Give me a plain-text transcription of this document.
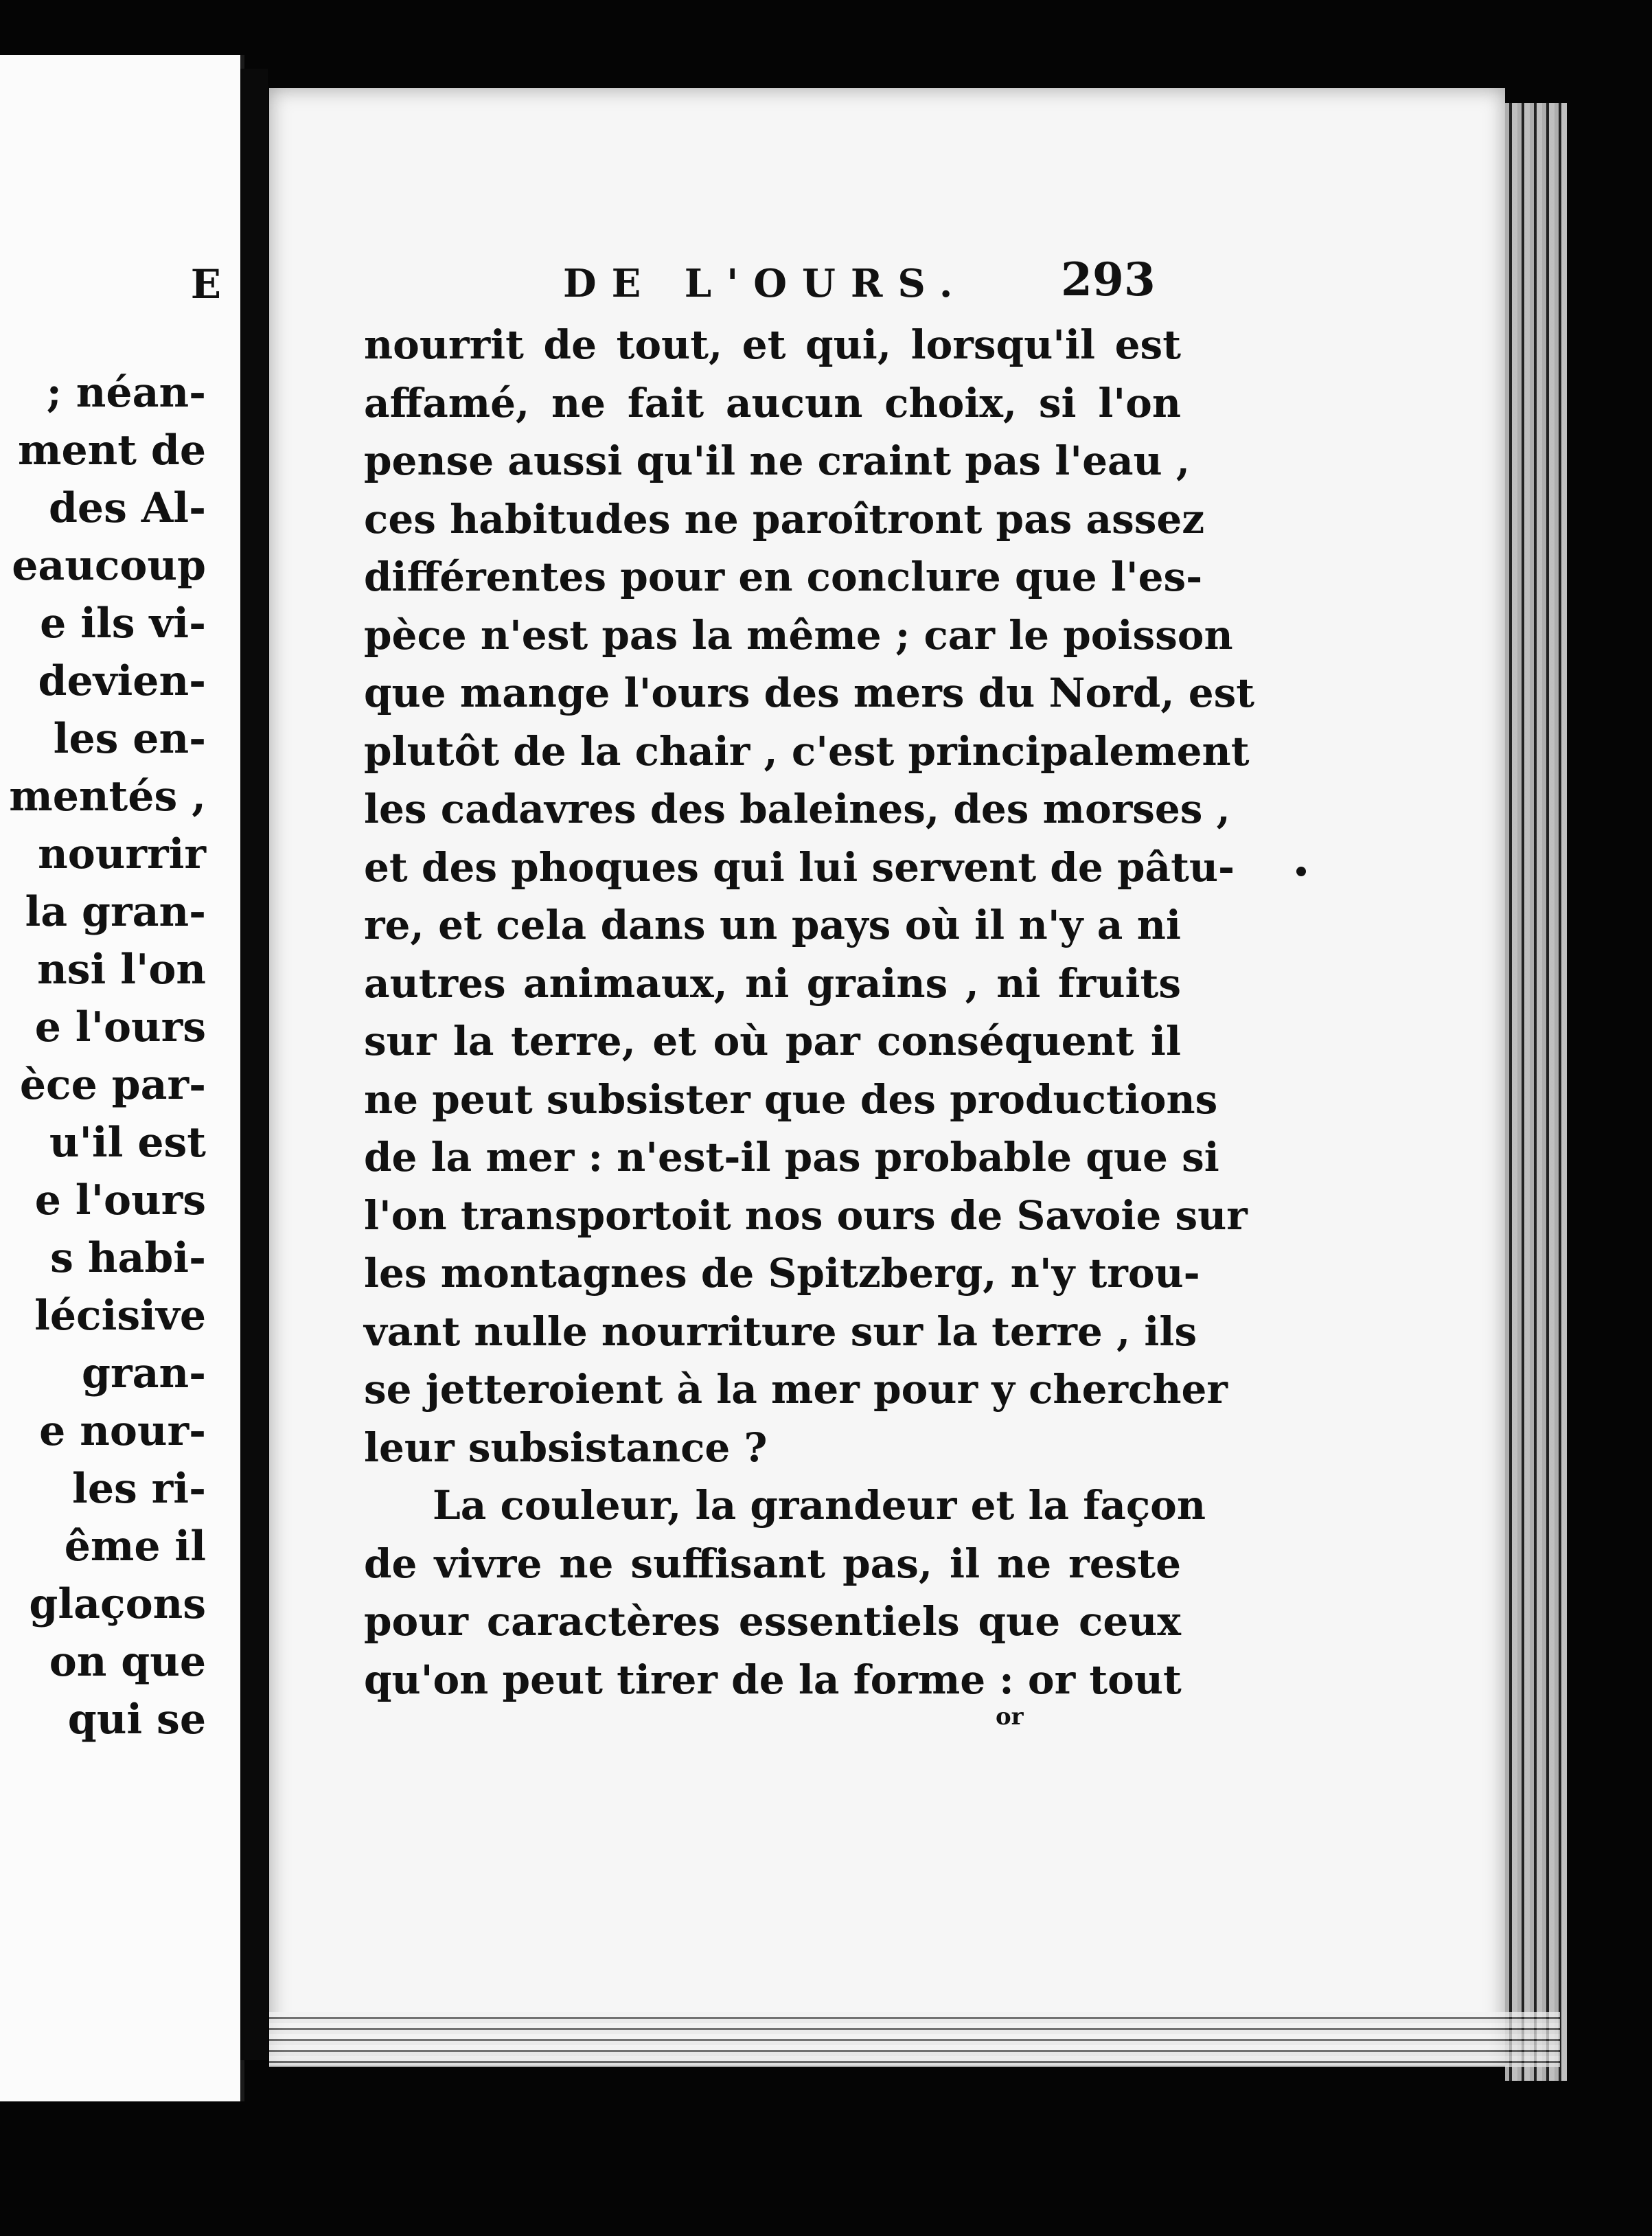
E
; néan-
ment de
des Al-
eaucoup
e ils vi-
devien-
les en-
mentés ,
nourrir
la gran-
nsi l'on
e l'ours
èce par-
u'il est
e l'ours
s habi-
lécisive
gran-
e nour-
les ri-
ême il
glaçons
on que
qui se
DE L'OURS. 293
nourrit de tout, et qui, lorsqu'il est
affamé, ne fait aucun choix, si l'on
pense aussi qu'il ne craint pas l'eau ,
ces habitudes ne paroîtront pas assez
différentes pour en conclure que l'es-
pèce n'est pas la même ; car le poisson
que mange l'ours des mers du Nord, est
plutôt de la chair , c'est principalement
les cadavres des baleines, des morses ,
et des phoques qui lui servent de pâtu-
re, et cela dans un pays où il n'y a ni
autres animaux, ni grains , ni fruits
sur la terre, et où par conséquent il
ne peut subsister que des productions
de la mer : n'est-il pas probable que si
l'on transportoit nos ours de Savoie sur
les montagnes de Spitzberg, n'y trou-
vant nulle nourriture sur la terre , ils
se jetteroient à la mer pour y chercher
leur subsistance ?
La couleur, la grandeur et la façon
de vivre ne suffisant pas, il ne reste
pour caractères essentiels que ceux
qu'on peut tirer de la forme : or tout
or
